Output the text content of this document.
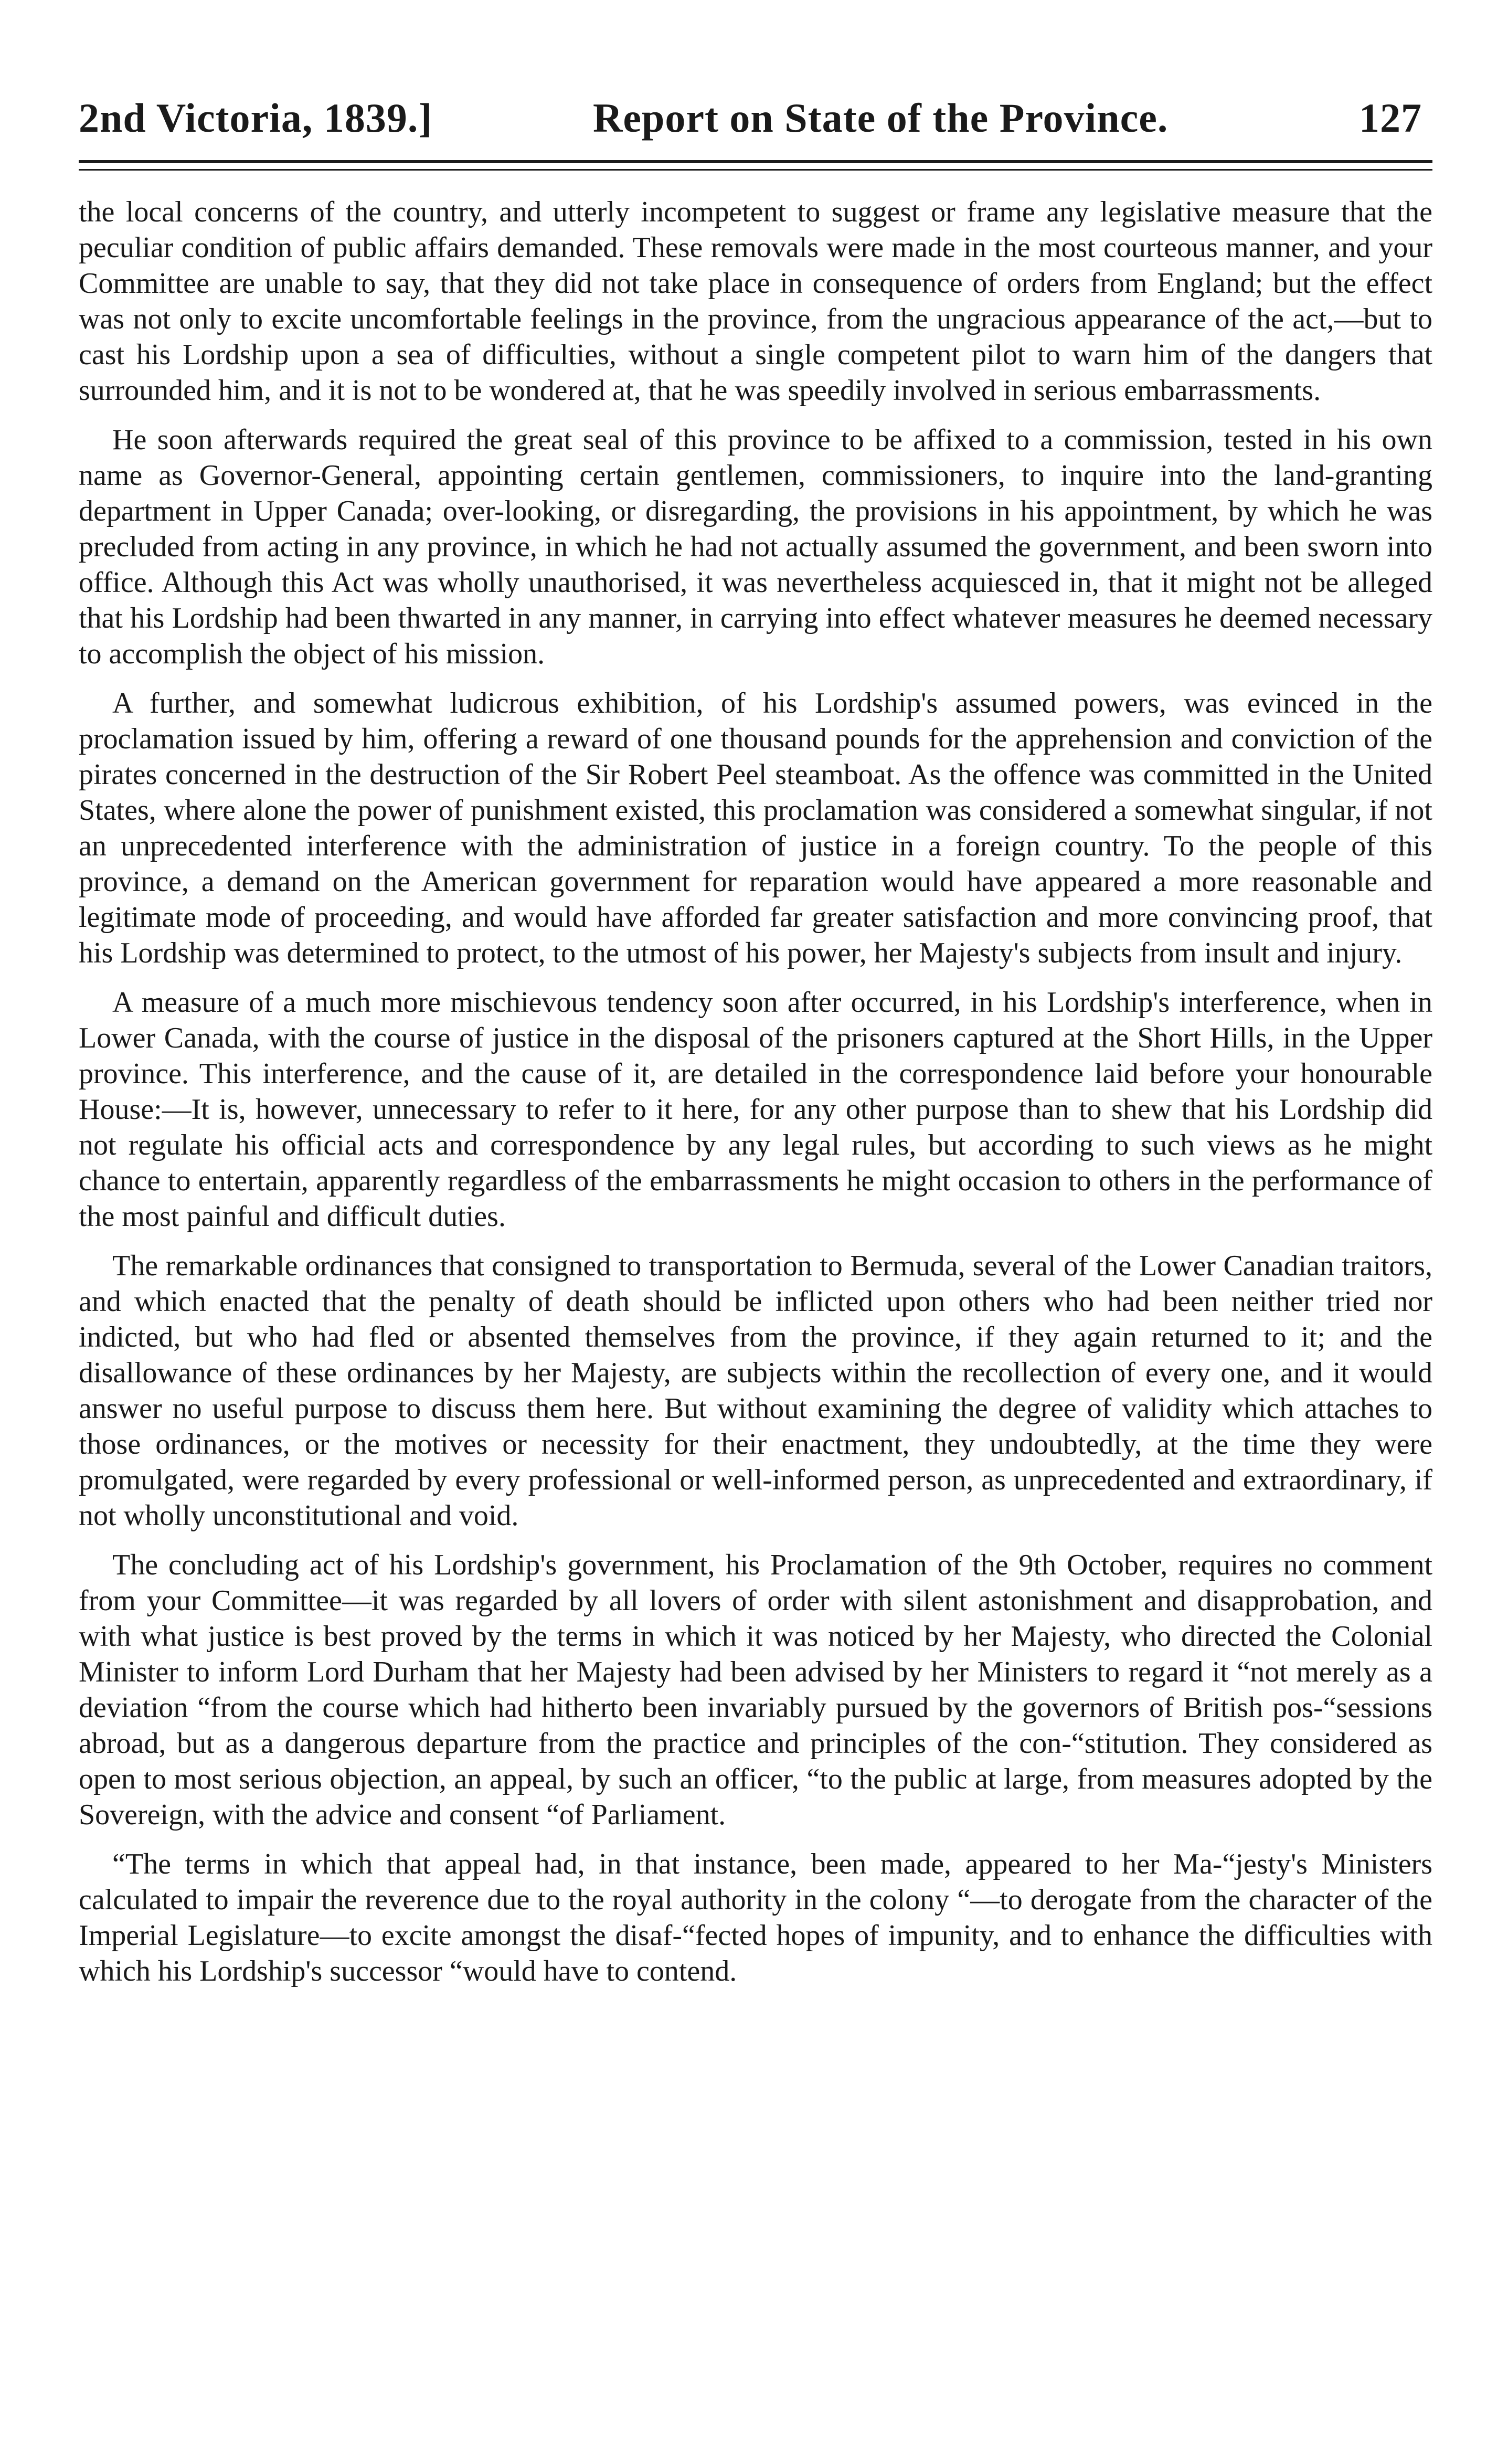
2nd Victoria, 1839.]	Report on State of the Province.	127

the local concerns of the country, and utterly incompetent to suggest or frame any legislative measure that the peculiar condition of public affairs demanded. These removals were made in the most courteous manner, and your Committee are unable to say, that they did not take place in consequence of orders from England; but the effect was not only to excite uncomfortable feelings in the province, from the ungracious appearance of the act,—but to cast his Lordship upon a sea of difficulties, without a single competent pilot to warn him of the dangers that surrounded him, and it is not to be wondered at, that he was speedily involved in serious embarrassments.

He soon afterwards required the great seal of this province to be affixed to a commission, tested in his own name as Governor-General, appointing certain gentlemen, commissioners, to inquire into the land-granting department in Upper Canada; over-looking, or disregarding, the provisions in his appointment, by which he was precluded from acting in any province, in which he had not actually assumed the government, and been sworn into office. Although this Act was wholly unauthorised, it was nevertheless acquiesced in, that it might not be alleged that his Lordship had been thwarted in any manner, in carrying into effect whatever measures he deemed necessary to accomplish the object of his mission.

A further, and somewhat ludicrous exhibition, of his Lordship's assumed powers, was evinced in the proclamation issued by him, offering a reward of one thousand pounds for the apprehension and conviction of the pirates concerned in the destruction of the Sir Robert Peel steamboat. As the offence was committed in the United States, where alone the power of punishment existed, this proclamation was considered a somewhat singular, if not an unprecedented interference with the administration of justice in a foreign country. To the people of this province, a demand on the American government for reparation would have appeared a more reasonable and legitimate mode of proceeding, and would have afforded far greater satisfaction and more convincing proof, that his Lordship was determined to protect, to the utmost of his power, her Majesty's subjects from insult and injury.

A measure of a much more mischievous tendency soon after occurred, in his Lordship's interference, when in Lower Canada, with the course of justice in the disposal of the prisoners captured at the Short Hills, in the Upper province. This interference, and the cause of it, are detailed in the correspondence laid before your honourable House:—It is, however, unnecessary to refer to it here, for any other purpose than to shew that his Lordship did not regulate his official acts and correspondence by any legal rules, but according to such views as he might chance to entertain, apparently regardless of the embarrassments he might occasion to others in the performance of the most painful and difficult duties.

The remarkable ordinances that consigned to transportation to Bermuda, several of the Lower Canadian traitors, and which enacted that the penalty of death should be inflicted upon others who had been neither tried nor indicted, but who had fled or absented themselves from the province, if they again returned to it; and the disallowance of these ordinances by her Majesty, are subjects within the recollection of every one, and it would answer no useful purpose to discuss them here. But without examining the degree of validity which attaches to those ordinances, or the motives or necessity for their enactment, they undoubtedly, at the time they were promulgated, were regarded by every professional or well-informed person, as unprecedented and extraordinary, if not wholly unconstitutional and void.

The concluding act of his Lordship's government, his Proclamation of the 9th October, requires no comment from your Committee—it was regarded by all lovers of order with silent astonishment and disapprobation, and with what justice is best proved by the terms in which it was noticed by her Majesty, who directed the Colonial Minister to inform Lord Durham that her Majesty had been advised by her Ministers to regard it “not merely as a deviation “from the course which had hitherto been invariably pursued by the governors of British pos-“sessions abroad, but as a dangerous departure from the practice and principles of the con-“stitution. They considered as open to most serious objection, an appeal, by such an officer, “to the public at large, from measures adopted by the Sovereign, with the advice and consent “of Parliament.

“The terms in which that appeal had, in that instance, been made, appeared to her Ma-“jesty's Ministers calculated to impair the reverence due to the royal authority in the colony “—to derogate from the character of the Imperial Legislature—to excite amongst the disaf-“fected hopes of impunity, and to enhance the difficulties with which his Lordship's successor “would have to contend.
